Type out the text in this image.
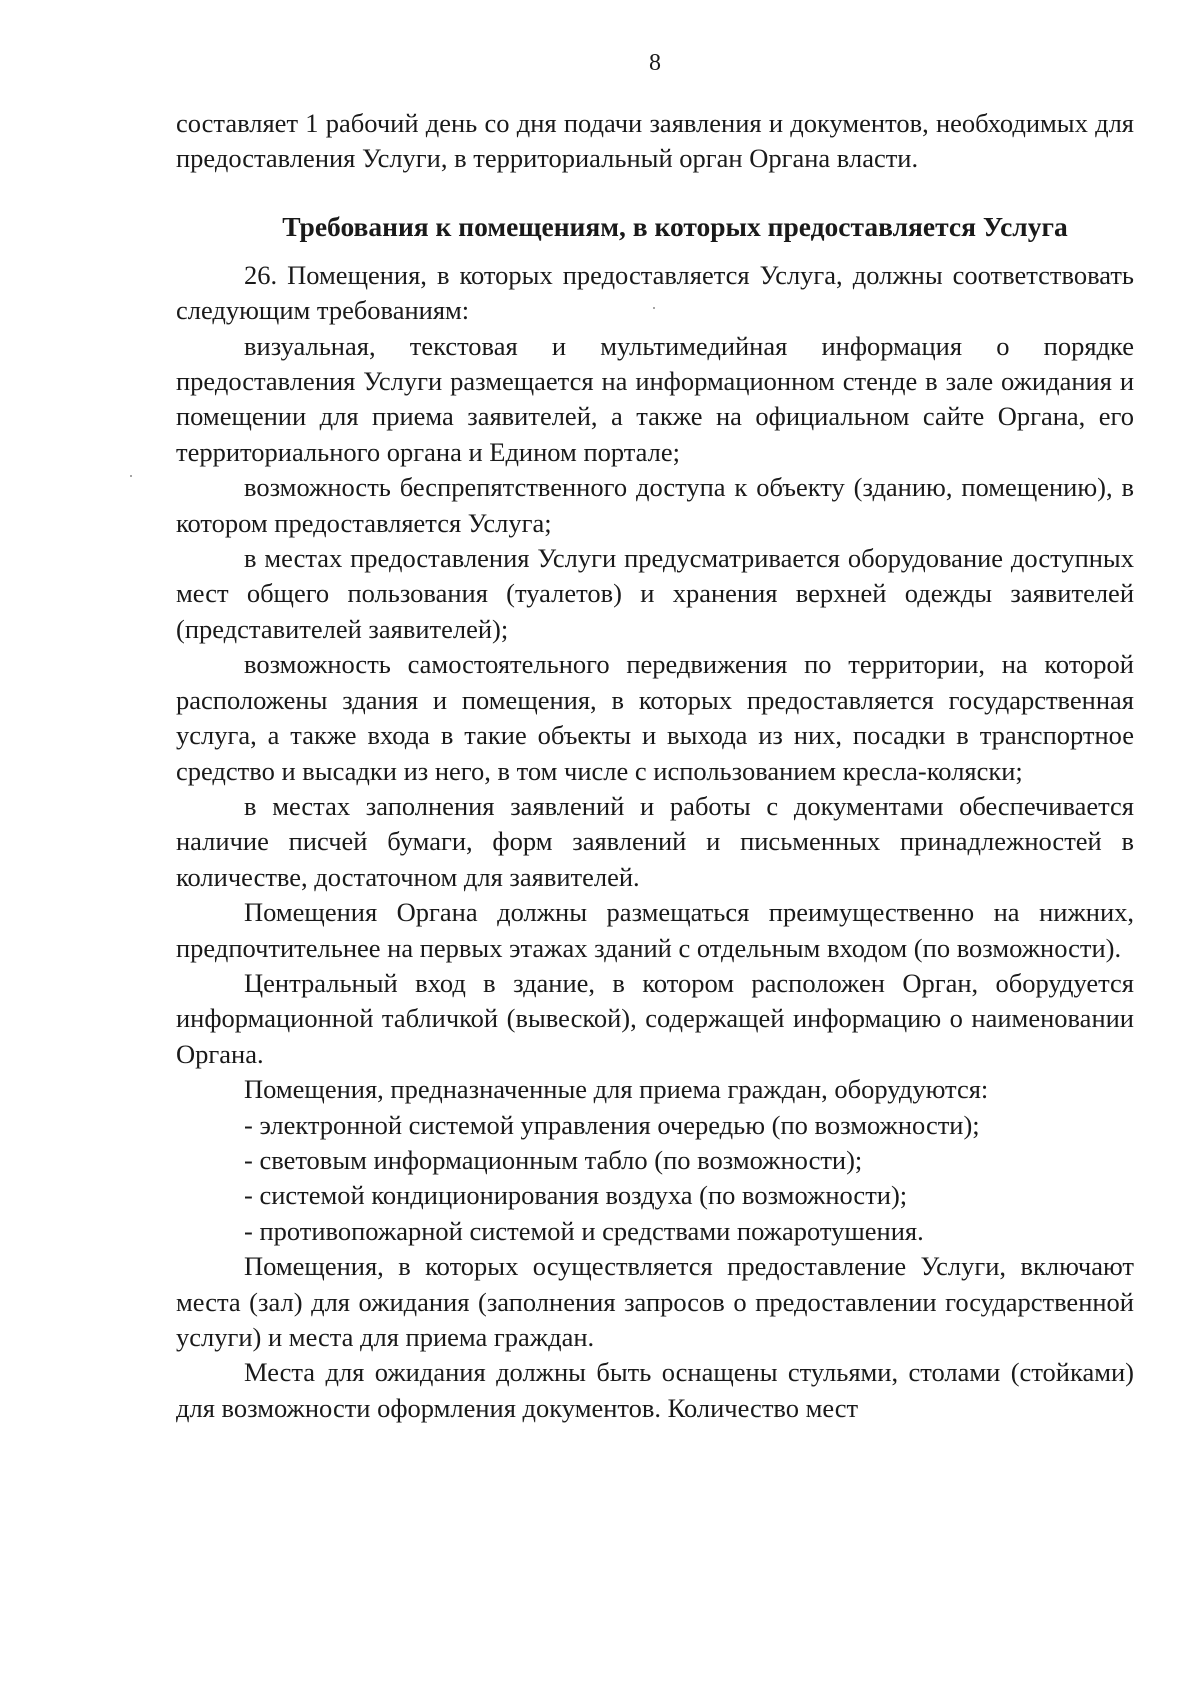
8

составляет 1 рабочий день со дня подачи заявления и документов, необходимых для предоставления Услуги, в территориальный орган Органа власти.

Требования к помещениям, в которых предоставляется Услуга

26. Помещения, в которых предоставляется Услуга, должны соответствовать следующим требованиям:

визуальная, текстовая и мультимедийная информация о порядке предоставления Услуги размещается на информационном стенде в зале ожидания и помещении для приема заявителей, а также на официальном сайте Органа, его территориального органа и Едином портале;

возможность беспрепятственного доступа к объекту (зданию, помещению), в котором предоставляется Услуга;

в местах предоставления Услуги предусматривается оборудование доступных мест общего пользования (туалетов) и хранения верхней одежды заявителей (представителей заявителей);

возможность самостоятельного передвижения по территории, на которой расположены здания и помещения, в которых предоставляется государственная услуга, а также входа в такие объекты и выхода из них, посадки в транспортное средство и высадки из него, в том числе с использованием кресла-коляски;

в местах заполнения заявлений и работы с документами обеспечивается наличие писчей бумаги, форм заявлений и письменных принадлежностей в количестве, достаточном для заявителей.

Помещения Органа должны размещаться преимущественно на нижних, предпочтительнее на первых этажах зданий с отдельным входом (по возможности).

Центральный вход в здание, в котором расположен Орган, оборудуется информационной табличкой (вывеской), содержащей информацию о наименовании Органа.

Помещения, предназначенные для приема граждан, оборудуются:

- электронной системой управления очередью (по возможности);

- световым информационным табло (по возможности);

- системой кондиционирования воздуха (по возможности);

- противопожарной системой и средствами пожаротушения.

Помещения, в которых осуществляется предоставление Услуги, включают места (зал) для ожидания (заполнения запросов о предоставлении государственной услуги) и места для приема граждан.

Места для ожидания должны быть оснащены стульями, столами (стойками) для возможности оформления документов. Количество мест
